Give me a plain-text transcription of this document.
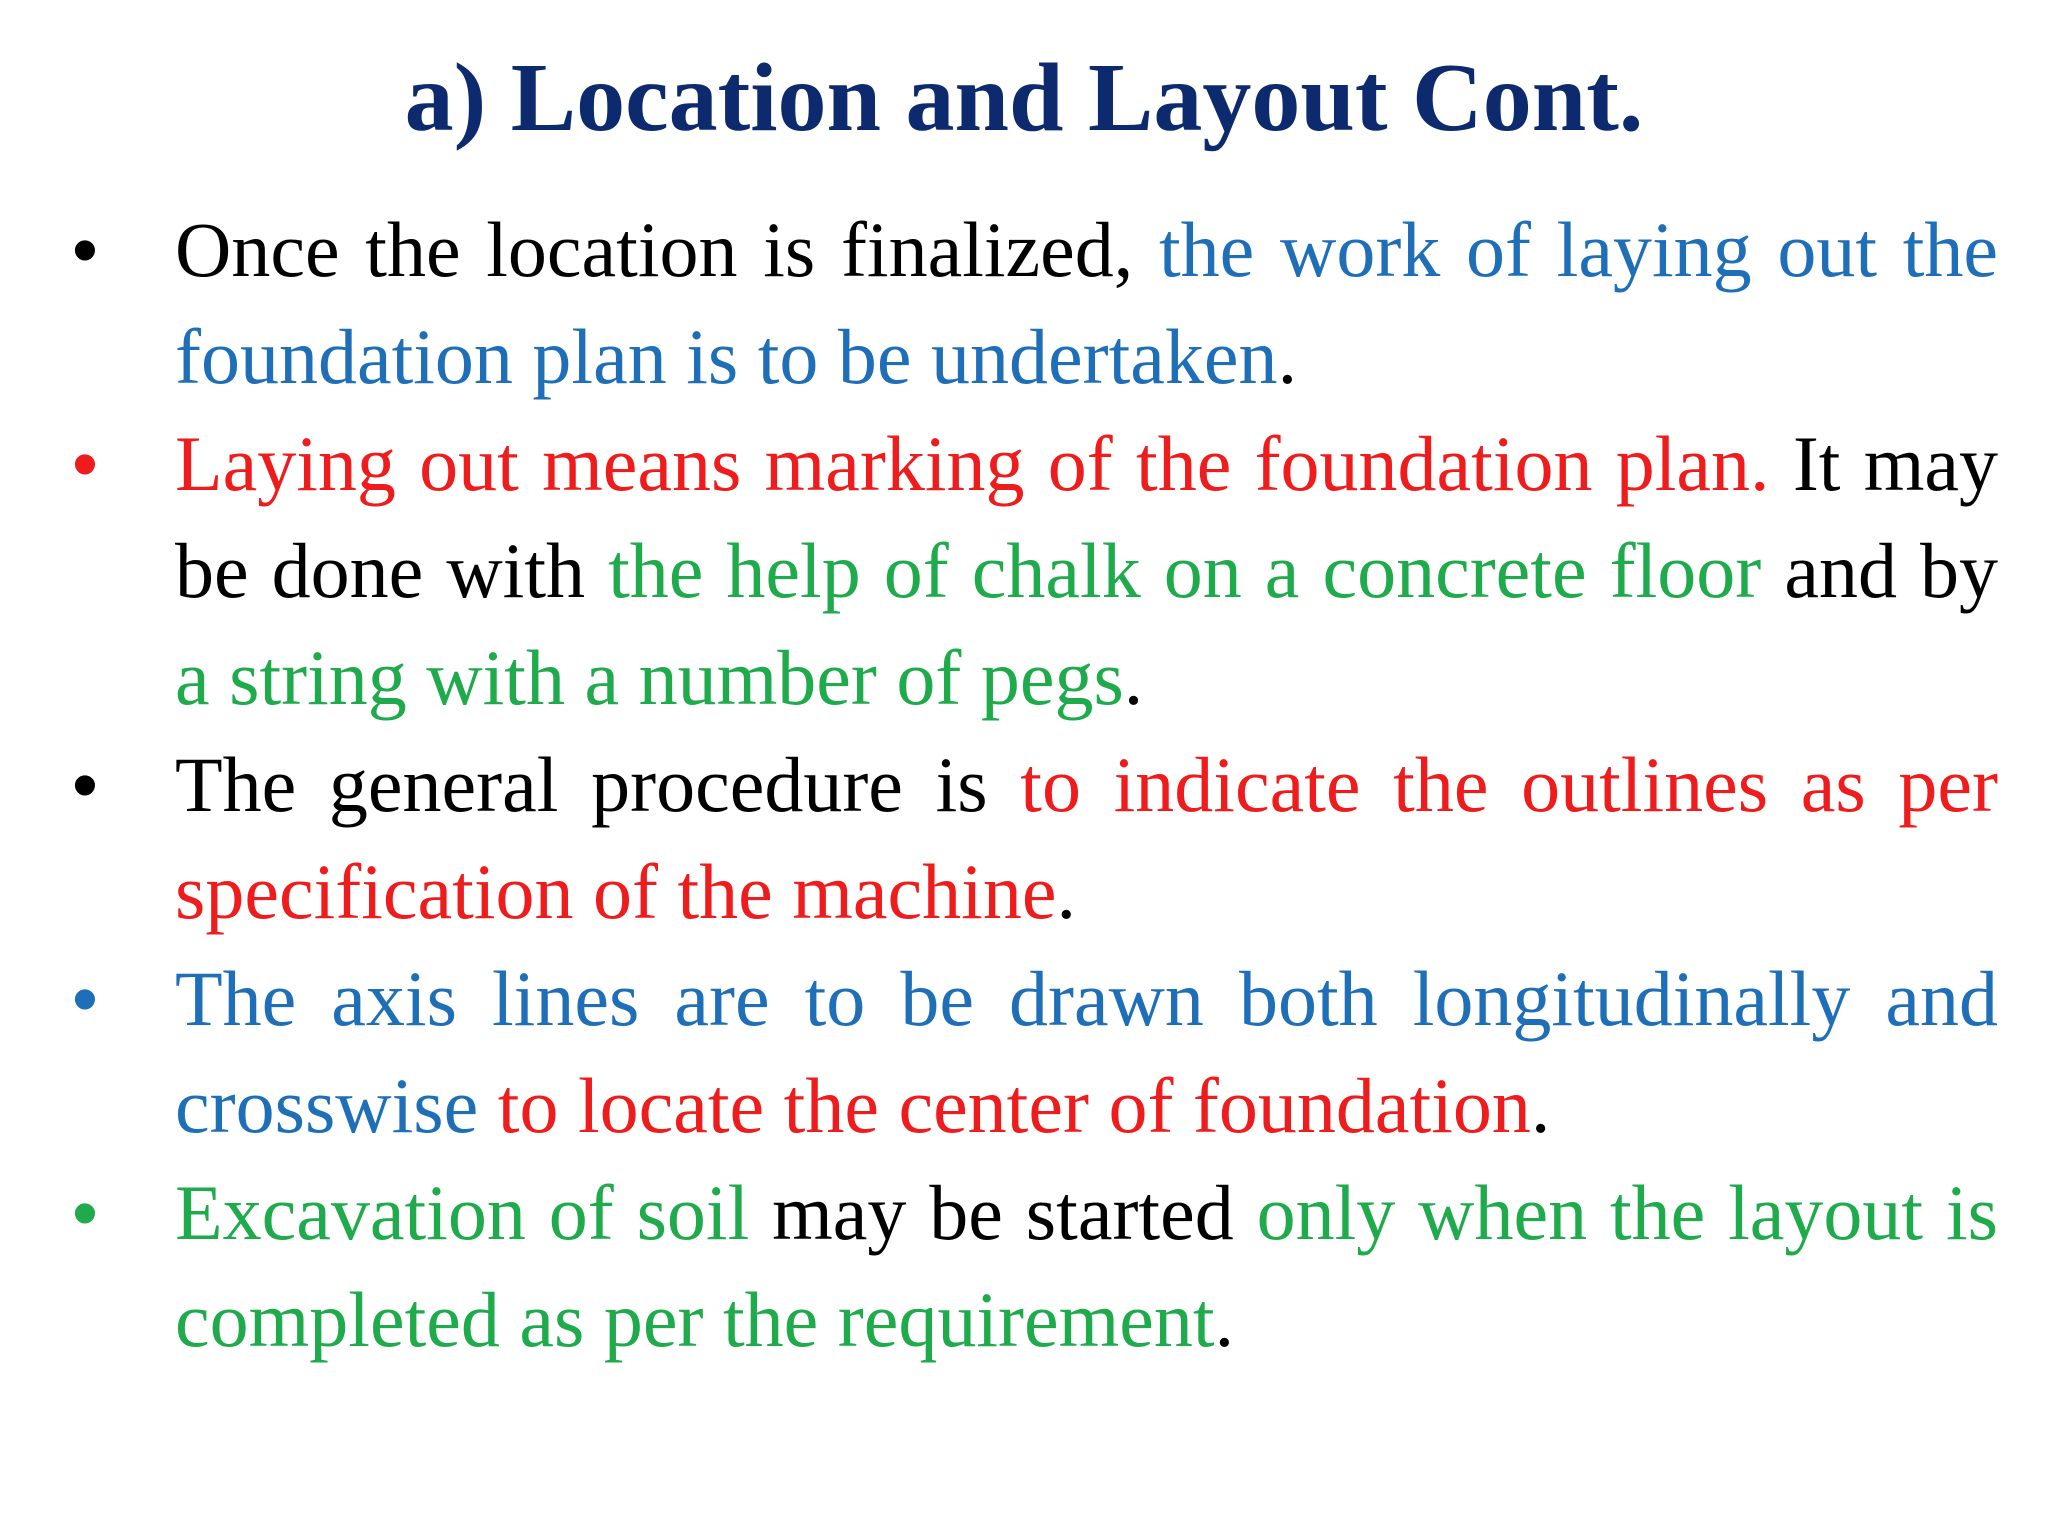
a) Location and Layout Cont.
• Once the location is finalized, the work of laying out the foundation plan is to be undertaken.
• Laying out means marking of the foundation plan. It may be done with the help of chalk on a concrete floor and by a string with a number of pegs.
• The general procedure is to indicate the outlines as per specification of the machine.
• The axis lines are to be drawn both longitudinally and crosswise to locate the center of foundation.
• Excavation of soil may be started only when the layout is completed as per the requirement.
